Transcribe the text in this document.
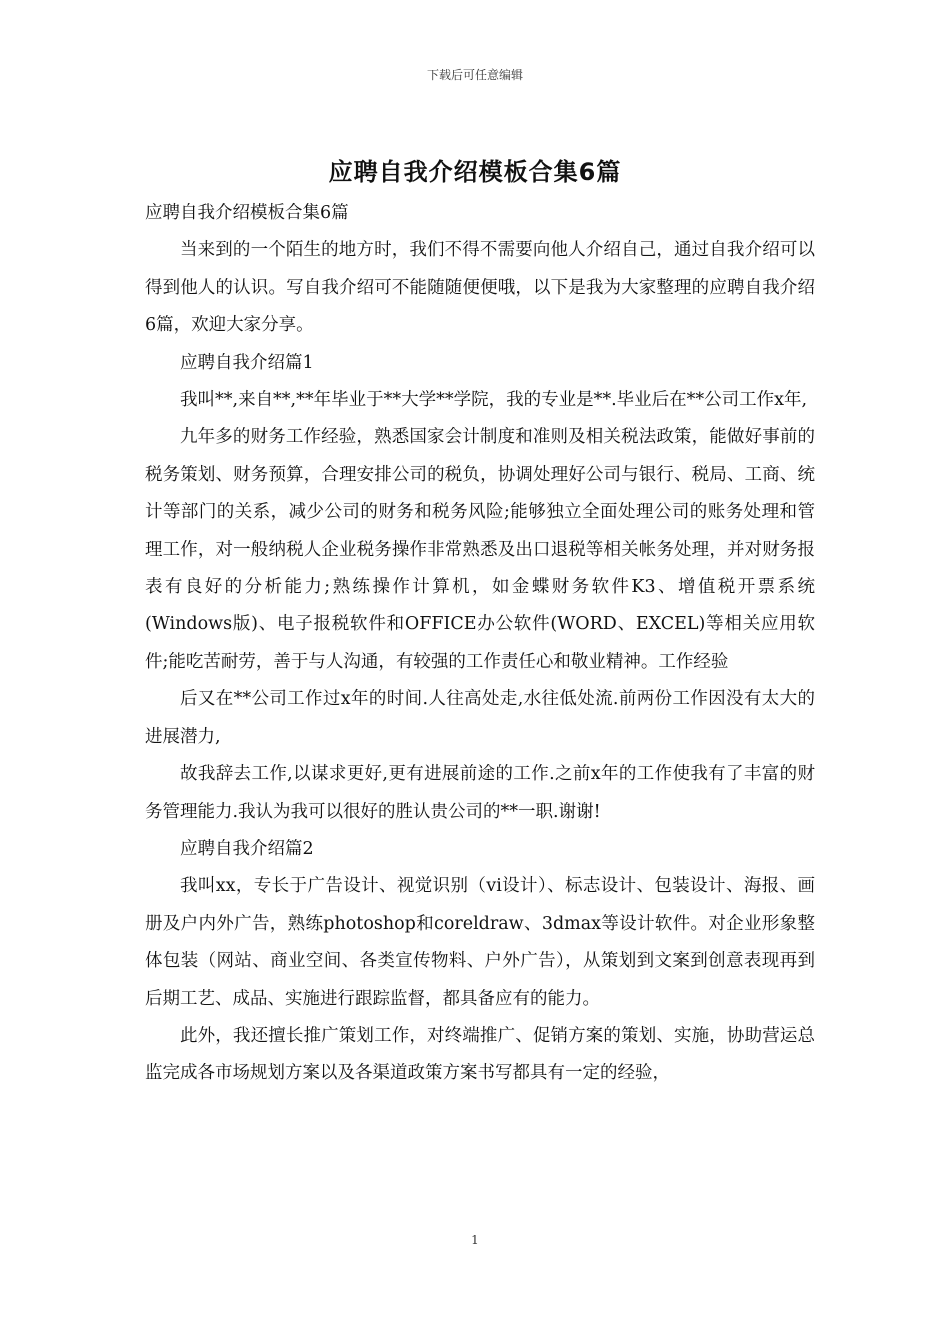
下载后可任意编辑
应聘自我介绍模板合集6篇

应聘自我介绍模板合集6篇

当来到的一个陌生的地方时，我们不得不需要向他人介绍自己，通过自我介绍可以得到他人的认识。写自我介绍可不能随随便便哦，以下是我为大家整理的应聘自我介绍6篇，欢迎大家分享。

应聘自我介绍篇1

我叫**,来自**,**年毕业于**大学**学院，我的专业是**.毕业后在**公司工作x年,

九年多的财务工作经验，熟悉国家会计制度和准则及相关税法政策，能做好事前的税务策划、财务预算，合理安排公司的税负，协调处理好公司与银行、税局、工商、统计等部门的关系，减少公司的财务和税务风险;能够独立全面处理公司的账务处理和管理工作，对一般纳税人企业税务操作非常熟悉及出口退税等相关帐务处理，并对财务报表有良好的分析能力;熟练操作计算机，如金蝶财务软件K3、增值税开票系统(Windows版)、电子报税软件和OFFICE办公软件(WORD、EXCEL)等相关应用软件;能吃苦耐劳，善于与人沟通，有较强的工作责任心和敬业精神。工作经验

后又在**公司工作过x年的时间.人往高处走,水往低处流.前两份工作因没有太大的进展潜力,

故我辞去工作,以谋求更好,更有进展前途的工作.之前x年的工作使我有了丰富的财务管理能力.我认为我可以很好的胜认贵公司的**一职.谢谢!

应聘自我介绍篇2

我叫xx，专长于广告设计、视觉识别（vi设计）、标志设计、包装设计、海报、画册及户内外广告，熟练photoshop和coreldraw、3dmax等设计软件。对企业形象整体包装（网站、商业空间、各类宣传物料、户外广告），从策划到文案到创意表现再到后期工艺、成品、实施进行跟踪监督，都具备应有的能力。

此外，我还擅长推广策划工作，对终端推广、促销方案的策划、实施，协助营运总监完成各市场规划方案以及各渠道政策方案书写都具有一定的经验，

1
